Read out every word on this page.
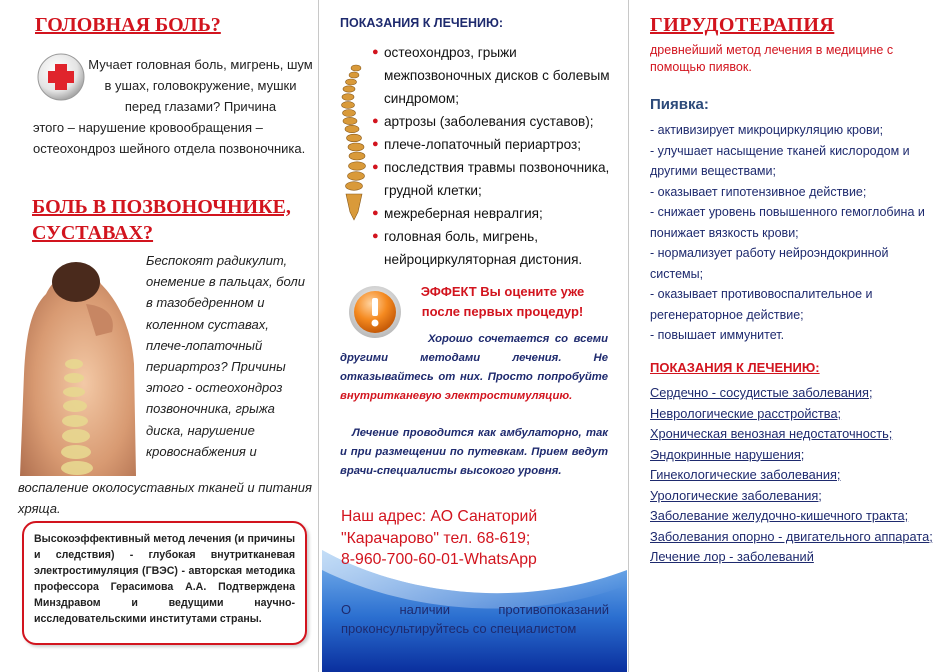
ГОЛОВНАЯ БОЛЬ?
Мучает головная боль, мигрень, шум в ушах, головокружение, мушки перед глазами? Причина
этого – нарушение кровообращения – остеохондроз шейного отдела позвоночника.
БОЛЬ В ПОЗВОНОЧНИКЕ, СУСТАВАХ?
Беспокоят радикулит, онемение в пальцах, боли в тазобедренном и коленном суставах, плече-лопаточный периартроз? Причины этого - остеохондроз позвоночника, грыжа диска, нарушение кровоснабжения и
воспаление околосуставных тканей и питания хряща.
Высокоэффективный метод лечения (и причины и следствия) - глубокая внутритканевая электростимуляция (ГВЭС) - авторская методика профессора Герасимова А.А. Подтверждена Минздравом и ведущими научно-исследовательскими институтами страны.
ПОКАЗАНИЯ К ЛЕЧЕНИЮ:
● остеохондроз, грыжи межпозвоночных дисков с болевым синдромом;
● артрозы (заболевания суставов);
● плече-лопаточный периартроз;
● последствия травмы позвоночника, грудной клетки;
● межреберная невралгия;
● головная боль, мигрень, нейроциркуляторная дистония.
ЭФФЕКТ Вы оцените уже после первых процедур!
Хорошо сочетается со всеми другими методами лечения. Не отказывайтесь от них. Просто попробуйте внутритканевую электростимуляцию.
Лечение проводится как амбулаторно, так и при размещении по путевкам. Прием ведут врачи-специалисты высокого уровня.
Наш адрес: АО Санаторий
"Карачарово" тел. 68-619;
8-960-700-60-01-WhatsApp
О наличии противопоказаний
проконсультируйтесь со специалистом
ГИРУДОТЕРАПИЯ
древнейший метод лечения в медицине с помощью пиявок.
Пиявка:
- активизирует микроциркуляцию крови;
- улучшает насыщение тканей кислородом и другими веществами;
- оказывает гипотензивное действие;
- снижает уровень повышенного гемоглобина и понижает вязкость крови;
- нормализует работу нейроэндокринной системы;
- оказывает противовоспалительное и регенераторное действие;
- повышает иммунитет.
ПОКАЗАНИЯ К ЛЕЧЕНИЮ:
Сердечно - сосудистые заболевания;
Неврологические расстройства;
Хроническая венозная недостаточность;
Эндокринные нарушения;
Гинекологические заболевания;
Урологические заболевания;
Заболевание желудочно-кишечного тракта;
Заболевания опорно - двигательного аппарата;
Лечение лор - заболеваний
